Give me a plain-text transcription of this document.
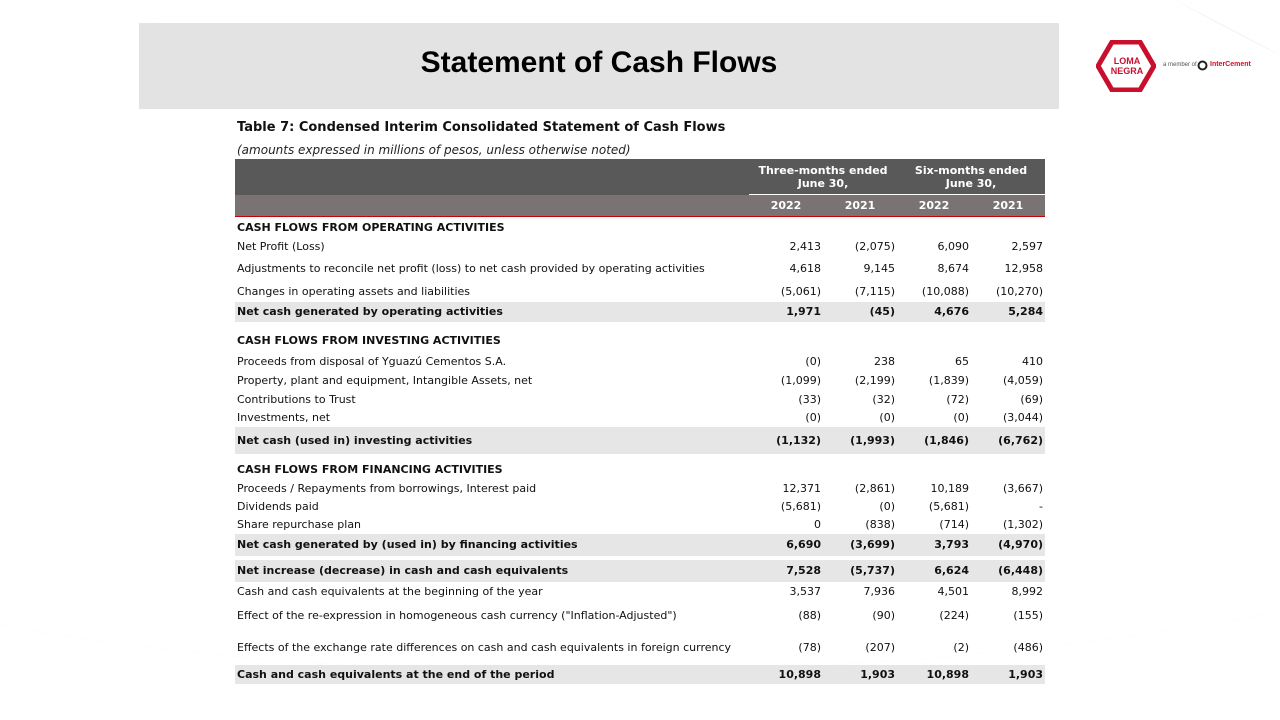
Statement of Cash Flows	LOMA
NEGRA
a member of InterCement
Table 7: Condensed Interim Consolidated Statement of Cash Flows
(amounts expressed in millions of pesos, unless otherwise noted)
	Three-months ended
June 30,		Six-months ended
June 30,	
	2022	2021	2022	2021
CASH FLOWS FROM OPERATING ACTIVITIES				
Net Profit (Loss)	2,413	(2,075)	6,090	2,597
Adjustments to reconcile net profit (loss) to net cash provided by operating activities	4,618	9,145	8,674	12,958
Changes in operating assets and liabilities	(5,061)	(7,115)	(10,088)	(10,270)
Net cash generated by operating activities	1,971	(45)	4,676	5,284

CASH FLOWS FROM INVESTING ACTIVITIES				
Proceeds from disposal of Yguazú Cementos S.A.	(0)	238	65	410
Property, plant and equipment, Intangible Assets, net	(1,099)	(2,199)	(1,839)	(4,059)
Contributions to Trust	(33)	(32)	(72)	(69)
Investments, net	(0)	(0)	(0)	(3,044)
Net cash (used in) investing activities	(1,132)	(1,993)	(1,846)	(6,762)

CASH FLOWS FROM FINANCING ACTIVITIES				
Proceeds / Repayments from borrowings, Interest paid	12,371	(2,861)	10,189	(3,667)
Dividends paid	(5,681)	(0)	(5,681)	-
Share repurchase plan	0	(838)	(714)	(1,302)
Net cash generated by (used in) by financing activities	6,690	(3,699)	3,793	(4,970)

Net increase (decrease) in cash and cash equivalents	7,528	(5,737)	6,624	(6,448)
Cash and cash equivalents at the beginning of the year	3,537	7,936	4,501	8,992
Effect of the re-expression in homogeneous cash currency ("Inflation-Adjusted")	(88)	(90)	(224)	(155)
Effects of the exchange rate differences on cash and cash equivalents in foreign currency	(78)	(207)	(2)	(486)
Cash and cash equivalents at the end of the period	10,898	1,903	10,898	1,903
